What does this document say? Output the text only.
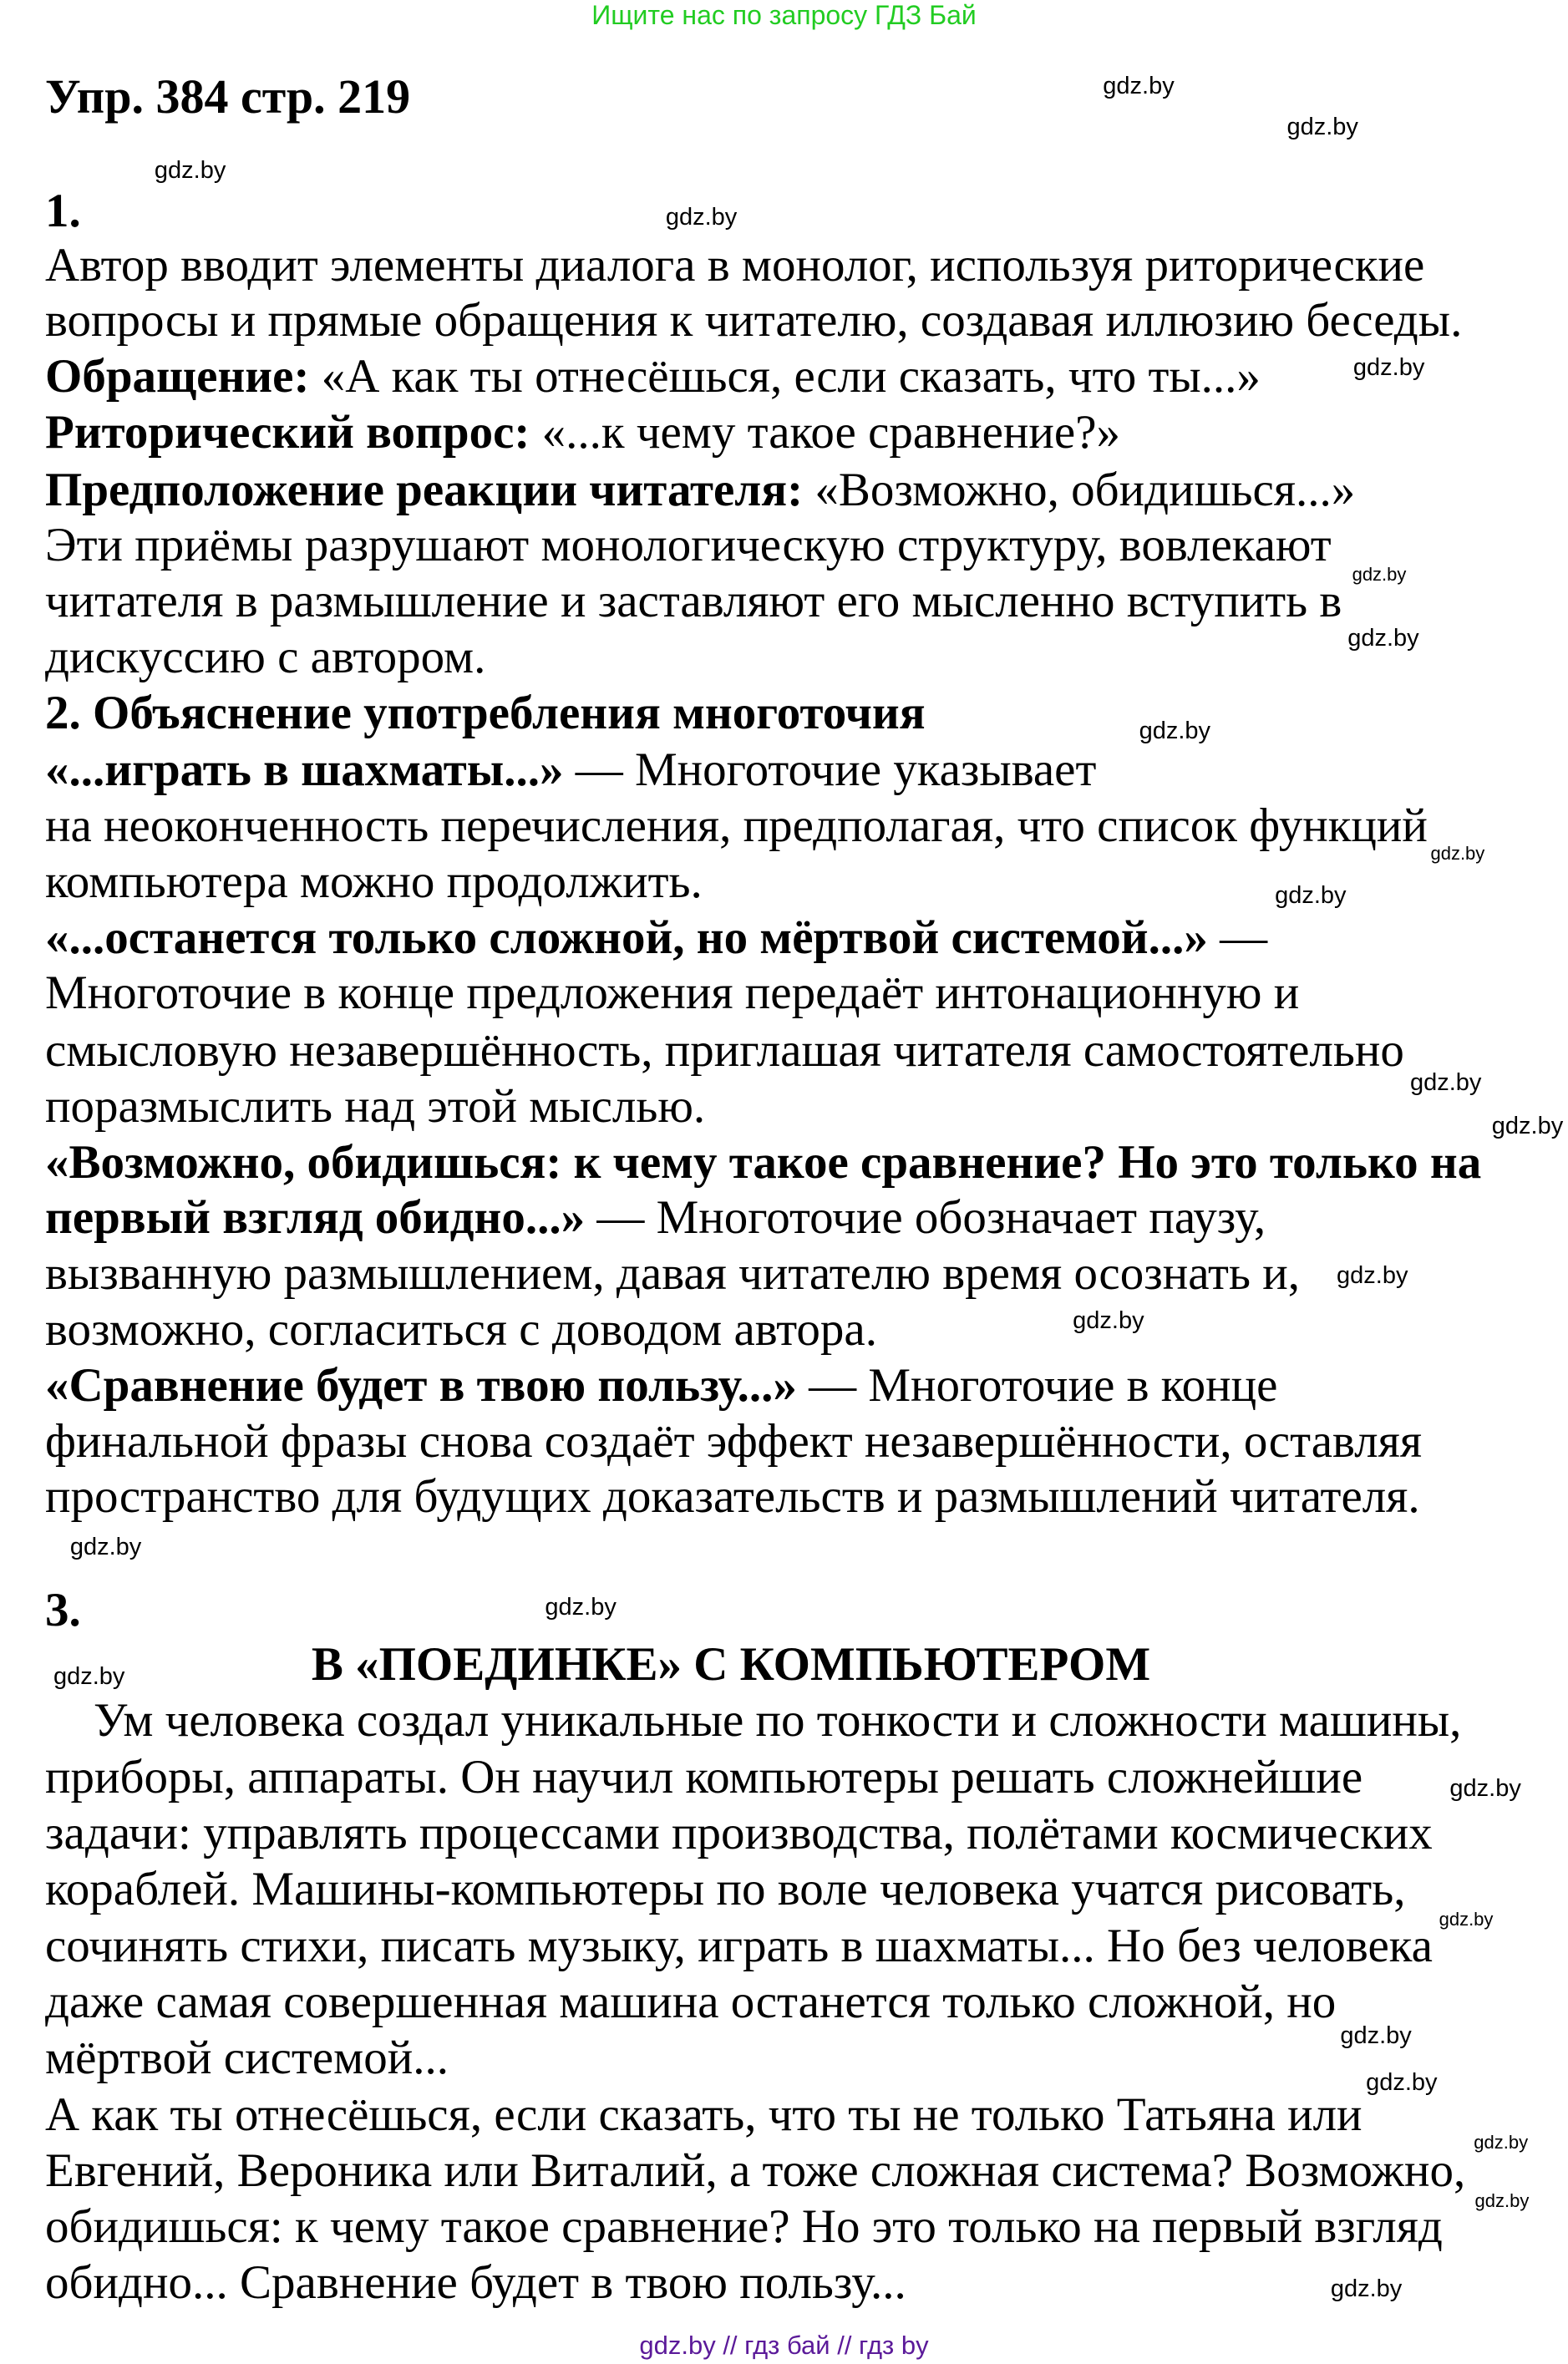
Ищите нас по запросу ГДЗ Бай
Упр. 384 стр. 219
1.
Автор вводит элементы диалога в монолог, используя риторические
вопросы и прямые обращения к читателю, создавая иллюзию беседы.
Обращение: «А как ты отнесёшься, если сказать, что ты...»
Риторический вопрос: «...к чему такое сравнение?»
Предположение реакции читателя: «Возможно, обидишься...»
Эти приёмы разрушают монологическую структуру, вовлекают
читателя в размышление и заставляют его мысленно вступить в
дискуссию с автором.
2. Объяснение употребления многоточия
«...играть в шахматы...» — Многоточие указывает
на неоконченность перечисления, предполагая, что список функций
компьютера можно продолжить.
«...останется только сложной, но мёртвой системой...» —
Многоточие в конце предложения передаёт интонационную и
смысловую незавершённость, приглашая читателя самостоятельно
поразмыслить над этой мыслью.
«Возможно, обидишься: к чему такое сравнение? Но это только на
первый взгляд обидно...» — Многоточие обозначает паузу,
вызванную размышлением, давая читателю время осознать и,
возможно, согласиться с доводом автора.
«Сравнение будет в твою пользу...» — Многоточие в конце
финальной фразы снова создаёт эффект незавершённости, оставляя
пространство для будущих доказательств и размышлений читателя.
3.
В «ПОЕДИНКЕ» С КОМПЬЮТЕРОМ
Ум человека создал уникальные по тонкости и сложности машины,
приборы, аппараты. Он научил компьютеры решать сложнейшие
задачи: управлять процессами производства, полётами космических
кораблей. Машины-компьютеры по воле человека учатся рисовать,
сочинять стихи, писать музыку, играть в шахматы... Но без человека
даже самая совершенная машина останется только сложной, но
мёртвой системой...
А как ты отнесёшься, если сказать, что ты не только Татьяна или
Евгений, Вероника или Виталий, а тоже сложная система? Возможно,
обидишься: к чему такое сравнение? Но это только на первый взгляд
обидно... Сравнение будет в твою пользу...
gdz.by
gdz.by
gdz.by
gdz.by
gdz.by
gdz.by
gdz.by
gdz.by
gdz.by
gdz.by
gdz.by
gdz.by
gdz.by
gdz.by
gdz.by
gdz.by
gdz.by
gdz.by
gdz.by
gdz.by
gdz.by
gdz.by
gdz.by
gdz.by
gdz.by // гдз бай // гдз by
